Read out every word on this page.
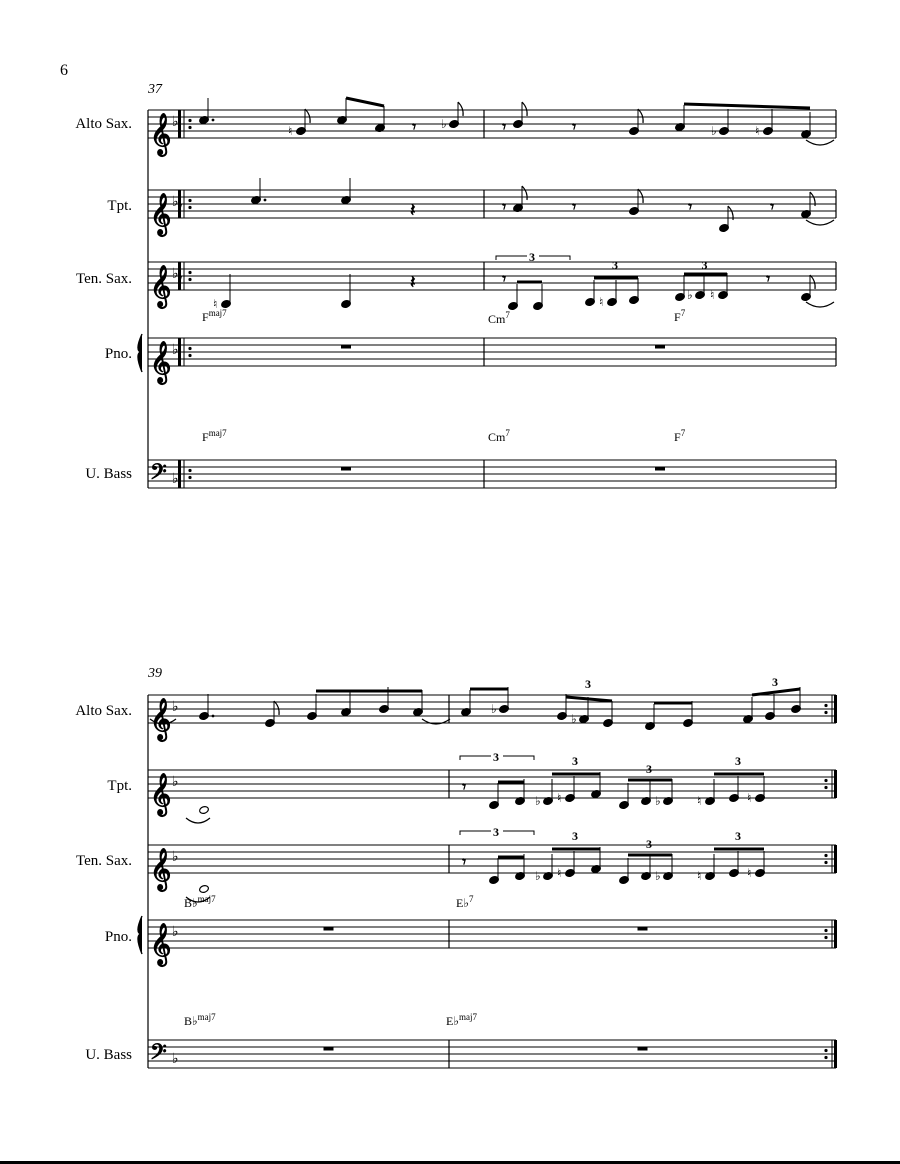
6
37
Alto Sax.
Tpt.
Ten. Sax.
Pno.
U. Bass
$F^{maj7}$	Cm$^7$	$F^7$
$F^{maj7}$	Cm$^7$	$F^7$
39
Alto Sax.
Tpt.
Ten. Sax.
Pno.
U. Bass
B♭$^{maj7}$	E♭$^7$
B♭$^{maj7}$	E♭$^{maj7}$
𝄞 ♭
𝄞 ♭
𝄞 ♭
𝄞 ♭
𝄢 ♭
𝄞 ♭
𝄞 ♭
𝄞 ♭
𝄞 ♭
𝄢 ♭
♮	𝄾 ♭	𝄾	𝄾	♭	♮
𝄾	𝄽	𝄾	𝄾	𝄾	𝄾
𝄾
♮
𝄽	𝄾
3
♮
3
♭ ♮
3
𝄾
♭
♭
3	3
𝄾
3
♭ ♮
3
♭
3
♮	♮
3
𝄾
3
♭ ♮
3
♭
3
♮	♮
3
